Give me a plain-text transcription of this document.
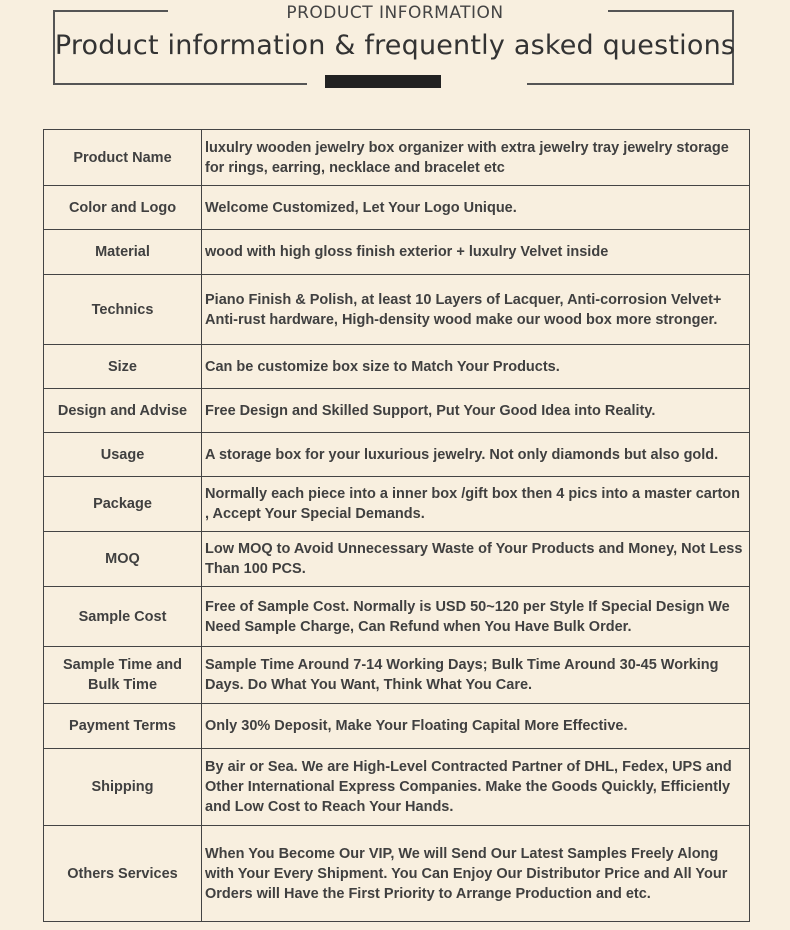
PRODUCT INFORMATION
Product information & frequently asked questions
Product Name	luxulry wooden jewelry box organizer with extra jewelry tray jewelry storage for rings, earring, necklace and bracelet etc
Color and Logo	Welcome Customized, Let Your Logo Unique.
Material	wood with high gloss finish exterior + luxulry Velvet inside
Technics	Piano Finish & Polish, at least 10 Layers of Lacquer, Anti-corrosion Velvet+ Anti-rust hardware, High-density wood make our wood box more stronger.
Size	Can be customize box size to Match Your Products.
Design and Advise	Free Design and Skilled Support, Put Your Good Idea into Reality.
Usage	A storage box for your luxurious jewelry. Not only diamonds but also gold.
Package	Normally each piece into a inner box /gift box then 4 pics into a master carton , Accept Your Special Demands.
MOQ	Low MOQ to Avoid Unnecessary Waste of Your Products and Money, Not Less Than 100 PCS.
Sample Cost	Free of Sample Cost. Normally is USD 50~120 per Style If Special Design We Need Sample Charge, Can Refund when You Have Bulk Order.
Sample Time and Bulk Time	Sample Time Around 7-14 Working Days; Bulk Time Around 30-45 Working Days. Do What You Want, Think What You Care.
Payment Terms	Only 30% Deposit, Make Your Floating Capital More Effective.
Shipping	By air or Sea. We are High-Level Contracted Partner of DHL, Fedex, UPS and Other International Express Companies. Make the Goods Quickly, Efficiently and Low Cost to Reach Your Hands.
Others Services	When You Become Our VIP, We will Send Our Latest Samples Freely Along with Your Every Shipment. You Can Enjoy Our Distributor Price and All Your Orders will Have the First Priority to Arrange Production and etc.
